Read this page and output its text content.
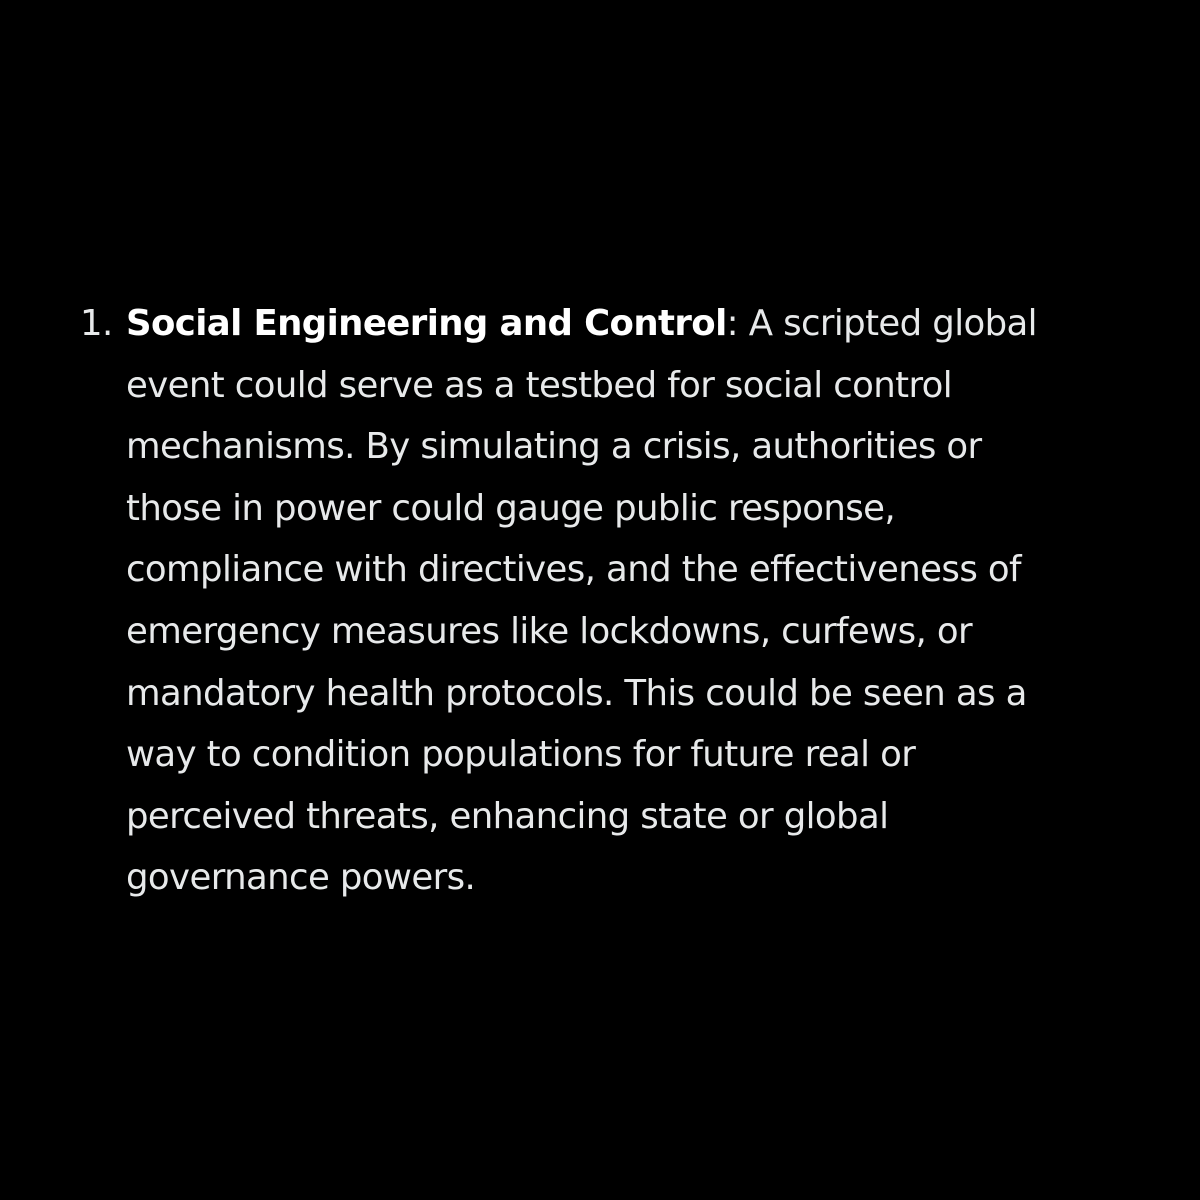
1. Social Engineering and Control: A scripted global
event could serve as a testbed for social control
mechanisms. By simulating a crisis, authorities or
those in power could gauge public response,
compliance with directives, and the effectiveness of
emergency measures like lockdowns, curfews, or
mandatory health protocols. This could be seen as a
way to condition populations for future real or
perceived threats, enhancing state or global
governance powers.
